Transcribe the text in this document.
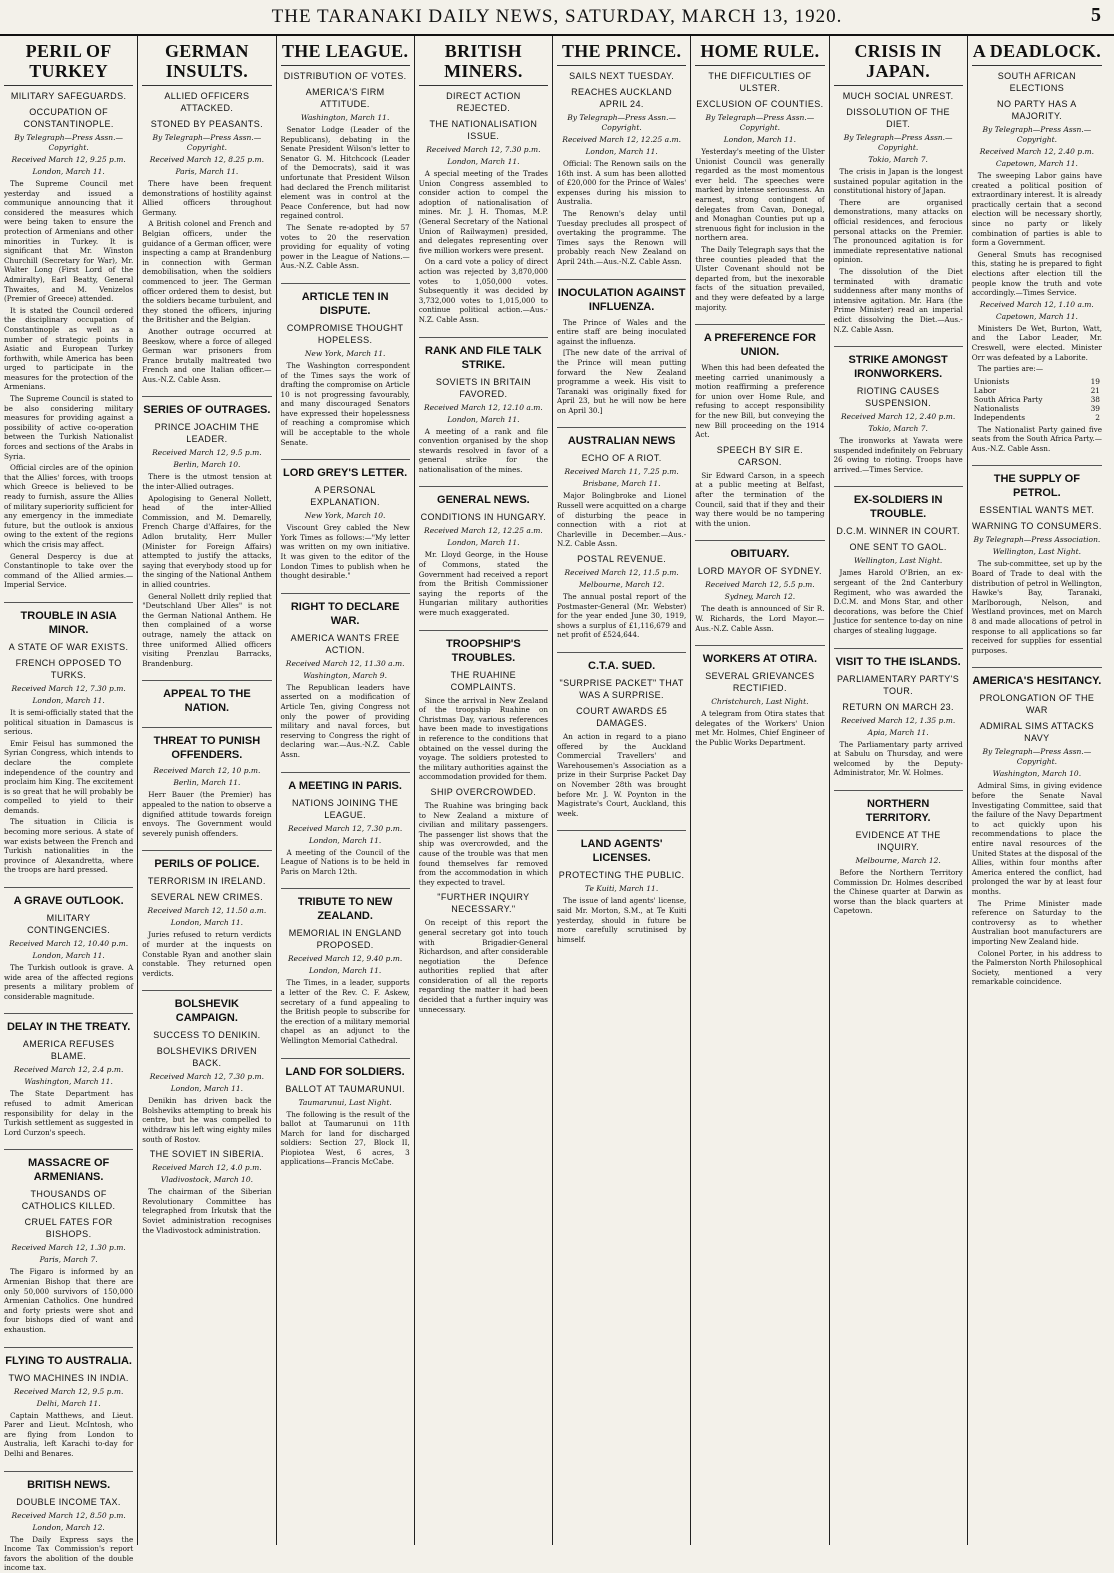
THE TARANAKI DAILY NEWS, SATURDAY, MARCH 13, 1920.	5
PERIL OF TURKEY
MILITARY SAFEGUARDS.
OCCUPATION OF CONSTANTINOPLE.
By Telegraph—Press Assn.—Copyright.
Received March 12, 9.25 p.m.
London, March 11.
The Supreme Council met yesterday and issued a communique announcing that it considered the measures which were being taken to ensure the protection of Armenians and other minorities in Turkey. It is significant that Mr. Winston Churchill (Secretary for War), Mr. Walter Long (First Lord of the Admiralty), Earl Beatty, General Thwaites, and M. Venizelos (Premier of Greece) attended.
It is stated the Council ordered the disciplinary occupation of Constantinople as well as a number of strategic points in Asiatic and European Turkey forthwith, while America has been urged to participate in the measures for the protection of the Armenians.
The Supreme Council is stated to be also considering military measures for providing against a possibility of active co-operation between the Turkish Nationalist forces and sections of the Arabs in Syria.
Official circles are of the opinion that the Allies' forces, with troops which Greece is believed to be ready to furnish, assure the Allies of military superiority sufficient for any emergency in the immediate future, but the outlook is anxious owing to the extent of the regions which the crisis may affect.
General Despercy is due at Constantinople to take over the command of the Allied armies.—Imperial Service.
TROUBLE IN ASIA MINOR.
A STATE OF WAR EXISTS.
FRENCH OPPOSED TO TURKS.
Received March 12, 7.30 p.m.
London, March 11.
It is semi-officially stated that the political situation in Damascus is serious.
Emir Feisul has summoned the Syrian Congress, which intends to declare the complete independence of the country and proclaim him King. The excitement is so great that he will probably be compelled to yield to their demands.
The situation in Cilicia is becoming more serious. A state of war exists between the French and Turkish nationalities in the province of Alexandretta, where the troops are hard pressed.
A GRAVE OUTLOOK.
MILITARY CONTINGENCIES.
Received March 12, 10.40 p.m.
London, March 11.
The Turkish outlook is grave. A wide area of the affected regions presents a military problem of considerable magnitude.
DELAY IN THE TREATY.
AMERICA REFUSES BLAME.
Received March 12, 2.4 p.m.
Washington, March 11.
The State Department has refused to admit American responsibility for delay in the Turkish settlement as suggested in Lord Curzon's speech.
MASSACRE OF ARMENIANS.
THOUSANDS OF CATHOLICS KILLED.
CRUEL FATES FOR BISHOPS.
Received March 12, 1.30 p.m.
Paris, March 7.
The Figaro is informed by an Armenian Bishop that there are only 50,000 survivors of 150,000 Armenian Catholics. One hundred and forty priests were shot and four bishops died of want and exhaustion.
FLYING TO AUSTRALIA.
TWO MACHINES IN INDIA.
Received March 12, 9.5 p.m.
Delhi, March 11.
Captain Matthews, and Lieut. Parer and Lieut. McIntosh, who are flying from London to Australia, left Karachi to-day for Delhi and Benares.
BRITISH NEWS.
DOUBLE INCOME TAX.
Received March 12, 8.50 p.m.
London, March 12.
The Daily Express says the Income Tax Commission's report favors the abolition of the double income tax.
GERMAN INSULTS.
ALLIED OFFICERS ATTACKED.
STONED BY PEASANTS.
By Telegraph—Press Assn.—Copyright.
Received March 12, 8.25 p.m.
Paris, March 11.
There have been frequent demonstrations of hostility against Allied officers throughout Germany.
A British colonel and French and Belgian officers, under the guidance of a German officer, were inspecting a camp at Brandenburg in connection with German demobilisation, when the soldiers commenced to jeer. The German officer ordered them to desist, but the soldiers became turbulent, and they stoned the officers, injuring the Britisher and the Belgian.
Another outrage occurred at Beeskow, where a force of alleged German war prisoners from France brutally maltreated two French and one Italian officer.—Aus.-N.Z. Cable Assn.
SERIES OF OUTRAGES.
PRINCE JOACHIM THE LEADER.
Received March 12, 9.5 p.m.
Berlin, March 10.
There is the utmost tension at the inter-Allied outrages.
Apologising to General Nollett, head of the inter-Allied Commission, and M. Demarelly, French Charge d'Affaires, for the Adlon brutality, Herr Muller (Minister for Foreign Affairs) attempted to justify the attacks, saying that everybody stood up for the singing of the National Anthem in allied countries.
General Nollett drily replied that "Deutschland Uber Alles" is not the German National Anthem. He then complained of a worse outrage, namely the attack on three uniformed Allied officers visiting Prenzlau Barracks, Brandenburg.
APPEAL TO THE NATION.
THREAT TO PUNISH OFFENDERS.
Received March 12, 10 p.m.
Berlin, March 11.
Herr Bauer (the Premier) has appealed to the nation to observe a dignified attitude towards foreign envoys. The Government would severely punish offenders.
PERILS OF POLICE.
TERRORISM IN IRELAND.
SEVERAL NEW CRIMES.
Received March 12, 11.50 a.m.
London, March 11.
Juries refused to return verdicts of murder at the inquests on Constable Ryan and another slain constable. They returned open verdicts.
BOLSHEVIK CAMPAIGN.
SUCCESS TO DENIKIN.
BOLSHEVIKS DRIVEN BACK.
Received March 12, 7.30 p.m.
London, March 11.
Denikin has driven back the Bolsheviks attempting to break his centre, but he was compelled to withdraw his left wing eighty miles south of Rostov.
THE SOVIET IN SIBERIA.
Received March 12, 4.0 p.m.
Vladivostock, March 10.
The chairman of the Siberian Revolutionary Committee has telegraphed from Irkutsk that the Soviet administration recognises the Vladivostock administration.
THE LEAGUE.
DISTRIBUTION OF VOTES.
AMERICA'S FIRM ATTITUDE.
Washington, March 11.
Senator Lodge (Leader of the Republicans), debating in the Senate President Wilson's letter to Senator G. M. Hitchcock (Leader of the Democrats), said it was unfortunate that President Wilson had declared the French militarist element was in control at the Peace Conference, but had now regained control.
The Senate re-adopted by 57 votes to 20 the reservation providing for equality of voting power in the League of Nations.—Aus.-N.Z. Cable Assn.
ARTICLE TEN IN DISPUTE.
COMPROMISE THOUGHT HOPELESS.
New York, March 11.
The Washington correspondent of the Times says the work of drafting the compromise on Article 10 is not progressing favourably, and many discouraged Senators have expressed their hopelessness of reaching a compromise which will be acceptable to the whole Senate.
LORD GREY'S LETTER.
A PERSONAL EXPLANATION.
New York, March 10.
Viscount Grey cabled the New York Times as follows:—"My letter was written on my own initiative. It was given to the editor of the London Times to publish when he thought desirable."
RIGHT TO DECLARE WAR.
AMERICA WANTS FREE ACTION.
Received March 12, 11.30 a.m.
Washington, March 9.
The Republican leaders have asserted on a modification of Article Ten, giving Congress not only the power of providing military and naval forces, but reserving to Congress the right of declaring war.—Aus.-N.Z. Cable Assn.
A MEETING IN PARIS.
NATIONS JOINING THE LEAGUE.
Received March 12, 7.30 p.m.
London, March 11.
A meeting of the Council of the League of Nations is to be held in Paris on March 12th.
TRIBUTE TO NEW ZEALAND.
MEMORIAL IN ENGLAND PROPOSED.
Received March 12, 9.40 p.m.
London, March 11.
The Times, in a leader, supports a letter of the Rev. C. F. Askew, secretary of a fund appealing to the British people to subscribe for the erection of a military memorial chapel as an adjunct to the Wellington Memorial Cathedral.
LAND FOR SOLDIERS.
BALLOT AT TAUMARUNUI.
Taumarunui, Last Night.
The following is the result of the ballot at Taumarunui on 11th March for land for discharged soldiers: Section 27, Block II, Piopiotea West, 6 acres, 3 applications—Francis McCabe.
BRITISH MINERS.
DIRECT ACTION REJECTED.
THE NATIONALISATION ISSUE.
Received March 12, 7.30 p.m.
London, March 11.
A special meeting of the Trades Union Congress assembled to consider action to compel the adoption of nationalisation of mines. Mr. J. H. Thomas, M.P. (General Secretary of the National Union of Railwaymen) presided, and delegates representing over five million workers were present.
On a card vote a policy of direct action was rejected by 3,870,000 votes to 1,050,000 votes. Subsequently it was decided by 3,732,000 votes to 1,015,000 to continue political action.—Aus.-N.Z. Cable Assn.
RANK AND FILE TALK STRIKE.
SOVIETS IN BRITAIN FAVORED.
Received March 12, 12.10 a.m.
London, March 11.
A meeting of a rank and file convention organised by the shop stewards resolved in favor of a general strike for the nationalisation of the mines.
GENERAL NEWS.
CONDITIONS IN HUNGARY.
Received March 12, 12.25 a.m.
London, March 11.
Mr. Lloyd George, in the House of Commons, stated the Government had received a report from the British Commissioner saying the reports of the Hungarian military authorities were much exaggerated.
TROOPSHIP'S TROUBLES.
THE RUAHINE COMPLAINTS.
Since the arrival in New Zealand of the troopship Ruahine on Christmas Day, various references have been made to investigations in reference to the conditions that obtained on the vessel during the voyage. The soldiers protested to the military authorities against the accommodation provided for them.
SHIP OVERCROWDED.
The Ruahine was bringing back to New Zealand a mixture of civilian and military passengers. The passenger list shows that the ship was overcrowded, and the cause of the trouble was that men found themselves far removed from the accommodation in which they expected to travel.
"FURTHER INQUIRY NECESSARY."
On receipt of this report the general secretary got into touch with Brigadier-General Richardson, and after considerable negotiation the Defence authorities replied that after consideration of all the reports regarding the matter it had been decided that a further inquiry was unnecessary.
THE PRINCE.
SAILS NEXT TUESDAY.
REACHES AUCKLAND APRIL 24.
By Telegraph—Press Assn.—Copyright.
Received March 12, 12.25 a.m.
London, March 11.
Official: The Renown sails on the 16th inst. A sum has been allotted of £20,000 for the Prince of Wales' expenses during his mission to Australia.
The Renown's delay until Tuesday precludes all prospect of overtaking the programme. The Times says the Renown will probably reach New Zealand on April 24th.—Aus.-N.Z. Cable Assn.
INOCULATION AGAINST INFLUENZA.
The Prince of Wales and the entire staff are being inoculated against the influenza.
[The new date of the arrival of the Prince will mean putting forward the New Zealand programme a week. His visit to Taranaki was originally fixed for April 23, but he will now be here on April 30.]
AUSTRALIAN NEWS
ECHO OF A RIOT.
Received March 11, 7.25 p.m.
Brisbane, March 11.
Major Bolingbroke and Lionel Russell were acquitted on a charge of disturbing the peace in connection with a riot at Charleville in December.—Aus.-N.Z. Cable Assn.
POSTAL REVENUE.
Received March 12, 11.5 p.m.
Melbourne, March 12.
The annual postal report of the Postmaster-General (Mr. Webster) for the year ended June 30, 1919, shows a surplus of £1,116,679 and net profit of £524,644.
C.T.A. SUED.
"SURPRISE PACKET" THAT WAS A SURPRISE.
COURT AWARDS £5 DAMAGES.
An action in regard to a piano offered by the Auckland Commercial Travellers' and Warehousemen's Association as a prize in their Surprise Packet Day on November 28th was brought before Mr. J. W. Poynton in the Magistrate's Court, Auckland, this week.
LAND AGENTS' LICENSES.
PROTECTING THE PUBLIC.
Te Kuiti, March 11.
The issue of land agents' license, said Mr. Morton, S.M., at Te Kuiti yesterday, should in future be more carefully scrutinised by himself.
HOME RULE.
THE DIFFICULTIES OF ULSTER.
EXCLUSION OF COUNTIES.
By Telegraph—Press Assn.—Copyright.
London, March 11.
Yesterday's meeting of the Ulster Unionist Council was generally regarded as the most momentous ever held. The speeches were marked by intense seriousness. An earnest, strong contingent of delegates from Cavan, Donegal, and Monaghan Counties put up a strenuous fight for inclusion in the northern area.
The Daily Telegraph says that the three counties pleaded that the Ulster Covenant should not be departed from, but the inexorable facts of the situation prevailed, and they were defeated by a large majority.
A PREFERENCE FOR UNION.
When this had been defeated the meeting carried unanimously a motion reaffirming a preference for union over Home Rule, and refusing to accept responsibility for the new Bill, but conveying the new Bill proceeding on the 1914 Act.
SPEECH BY SIR E. CARSON.
Sir Edward Carson, in a speech at a public meeting at Belfast, after the termination of the Council, said that if they and their way there would be no tampering with the union.
OBITUARY.
LORD MAYOR OF SYDNEY.
Received March 12, 5.5 p.m.
Sydney, March 12.
The death is announced of Sir R. W. Richards, the Lord Mayor.—Aus.-N.Z. Cable Assn.
WORKERS AT OTIRA.
SEVERAL GRIEVANCES RECTIFIED.
Christchurch, Last Night.
A telegram from Otira states that delegates of the Workers' Union met Mr. Holmes, Chief Engineer of the Public Works Department.
CRISIS IN JAPAN.
MUCH SOCIAL UNREST.
DISSOLUTION OF THE DIET.
By Telegraph—Press Assn.—Copyright.
Tokio, March 7.
The crisis in Japan is the longest sustained popular agitation in the constitutional history of Japan.
There are organised demonstrations, many attacks on official residences, and ferocious personal attacks on the Premier. The pronounced agitation is for immediate representative national opinion.
The dissolution of the Diet terminated with dramatic suddenness after many months of intensive agitation. Mr. Hara (the Prime Minister) read an imperial edict dissolving the Diet.—Aus.-N.Z. Cable Assn.
STRIKE AMONGST IRONWORKERS.
RIOTING CAUSES SUSPENSION.
Received March 12, 2.40 p.m.
Tokio, March 7.
The ironworks at Yawata were suspended indefinitely on February 26 owing to rioting. Troops have arrived.—Times Service.
EX-SOLDIERS IN TROUBLE.
D.C.M. WINNER IN COURT.
ONE SENT TO GAOL.
Wellington, Last Night.
James Harold O'Brien, an ex-sergeant of the 2nd Canterbury Regiment, who was awarded the D.C.M. and Mons Star, and other decorations, was before the Chief Justice for sentence to-day on nine charges of stealing luggage.
VISIT TO THE ISLANDS.
PARLIAMENTARY PARTY'S TOUR.
RETURN ON MARCH 23.
Received March 12, 1.35 p.m.
Apia, March 11.
The Parliamentary party arrived at Sabulu on Thursday, and were welcomed by the Deputy-Administrator, Mr. W. Holmes.
NORTHERN TERRITORY.
EVIDENCE AT THE INQUIRY.
Melbourne, March 12.
Before the Northern Territory Commission Dr. Holmes described the Chinese quarter at Darwin as worse than the black quarters at Capetown.
A DEADLOCK.
SOUTH AFRICAN ELECTIONS
NO PARTY HAS A MAJORITY.
By Telegraph—Press Assn.—Copyright.
Received March 12, 2.40 p.m.
Capetown, March 11.
The sweeping Labor gains have created a political position of extraordinary interest. It is already practically certain that a second election will be necessary shortly, since no party or likely combination of parties is able to form a Government.
General Smuts has recognised this, stating he is prepared to fight elections after election till the people know the truth and vote accordingly.—Times Service.
Received March 12, 1.10 a.m.
Capetown, March 11.
Ministers De Wet, Burton, Watt, and the Labor Leader, Mr. Creswell, were elected. Minister Orr was defeated by a Laborite.
The parties are:—
Unionists	19
Labor	21
South Africa Party	38
Nationalists	39
Independents	2
The Nationalist Party gained five seats from the South Africa Party.—Aus.-N.Z. Cable Assn.
THE SUPPLY OF PETROL.
ESSENTIAL WANTS MET.
WARNING TO CONSUMERS.
By Telegraph—Press Association.
Wellington, Last Night.
The sub-committee, set up by the Board of Trade to deal with the distribution of petrol in Wellington, Hawke's Bay, Taranaki, Marlborough, Nelson, and Westland provinces, met on March 8 and made allocations of petrol in response to all applications so far received for supplies for essential purposes.
AMERICA'S HESITANCY.
PROLONGATION OF THE WAR
ADMIRAL SIMS ATTACKS NAVY
By Telegraph—Press Assn.—Copyright.
Washington, March 10.
Admiral Sims, in giving evidence before the Senate Naval Investigating Committee, said that the failure of the Navy Department to act quickly upon his recommendations to place the entire naval resources of the United States at the disposal of the Allies, within four months after America entered the conflict, had prolonged the war by at least four months.
The Prime Minister made reference on Saturday to the controversy as to whether Australian boot manufacturers are importing New Zealand hide.
Colonel Porter, in his address to the Palmerston North Philosophical Society, mentioned a very remarkable coincidence.
